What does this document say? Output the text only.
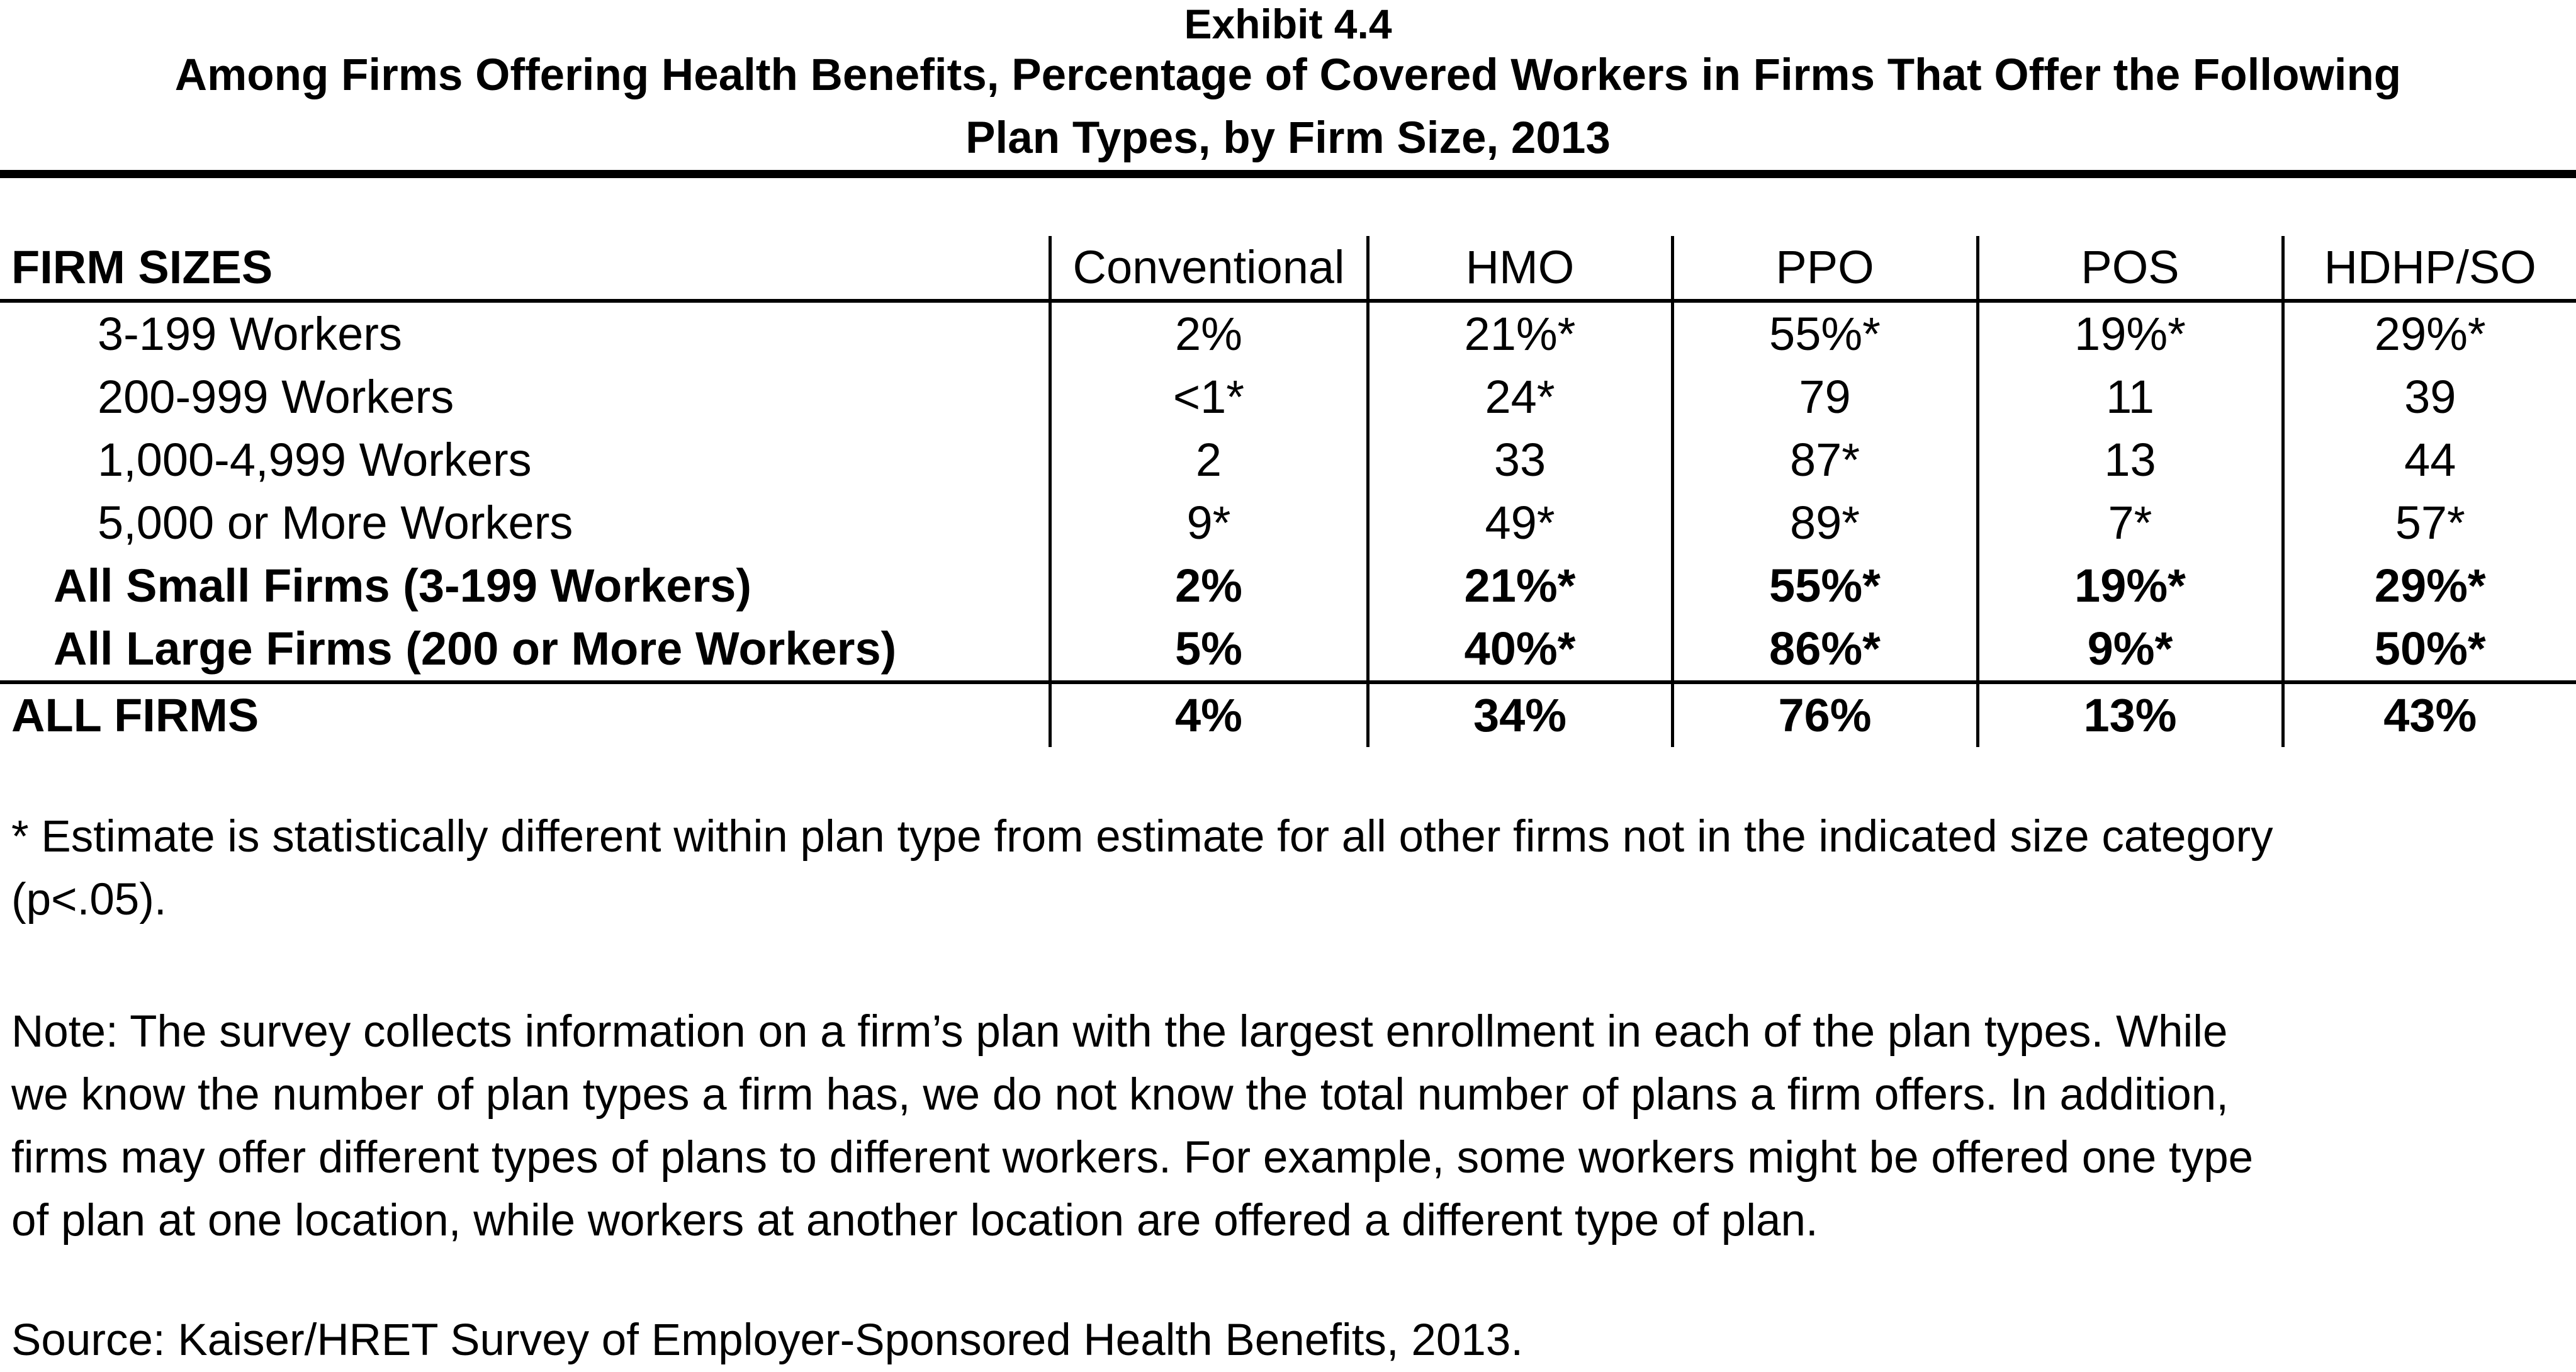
Exhibit 4.4
Among Firms Offering Health Benefits, Percentage of Covered Workers in Firms That Offer the Following
Plan Types, by Firm Size, 2013
FIRM SIZES	Conventional	HMO	PPO	POS	HDHP/SO
3-199 Workers	2%	21%*	55%*	19%*	29%*
200-999 Workers	<1*	24*	79	11	39
1,000-4,999 Workers	2	33	87*	13	44
5,000 or More Workers	9*	49*	89*	7*	57*
All Small Firms (3-199 Workers)	2%	21%*	55%*	19%*	29%*
All Large Firms (200 or More Workers)	5%	40%*	86%*	9%*	50%*
ALL FIRMS	4%	34%	76%	13%	43%
* Estimate is statistically different within plan type from estimate for all other firms not in the indicated size category
(p<.05).
Note: The survey collects information on a firm’s plan with the largest enrollment in each of the plan types. While
we know the number of plan types a firm has, we do not know the total number of plans a firm offers. In addition,
firms may offer different types of plans to different workers. For example, some workers might be offered one type
of plan at one location, while workers at another location are offered a different type of plan.
Source: Kaiser/HRET Survey of Employer-Sponsored Health Benefits, 2013.
